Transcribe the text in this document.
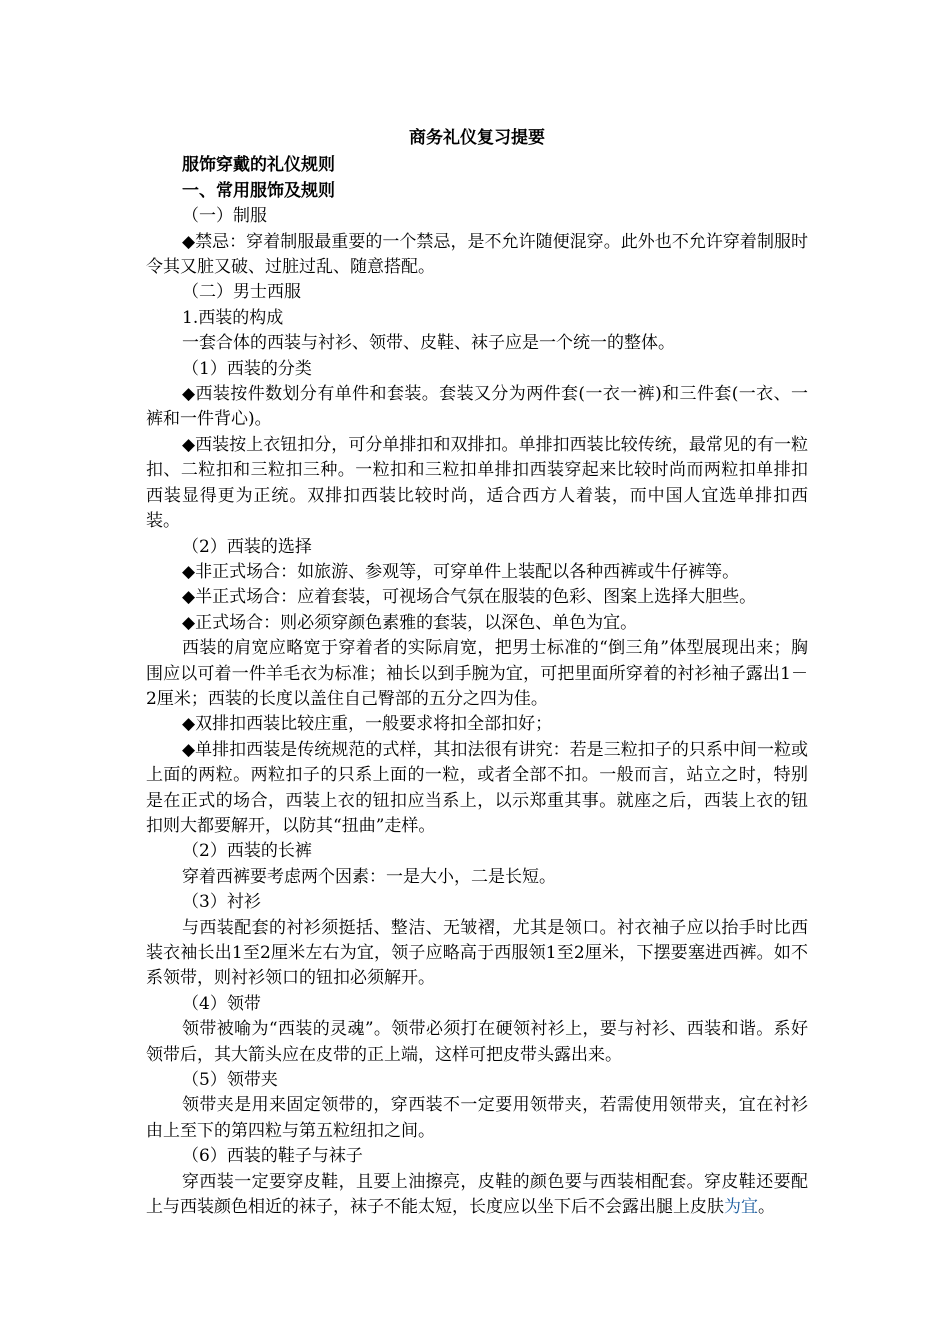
商务礼仪复习提要
服饰穿戴的礼仪规则
一、常用服饰及规则

（一）制服

◆禁忌：穿着制服最重要的一个禁忌，是不允许随便混穿。此外也不允许穿着制服时令其又脏又破、过脏过乱、随意搭配。

（二）男士西服

1.西装的构成

一套合体的西装与衬衫、领带、皮鞋、袜子应是一个统一的整体。

（1）西装的分类

◆西装按件数划分有单件和套装。套装又分为两件套(一衣一裤)和三件套(一衣、一裤和一件背心)。

◆西装按上衣钮扣分，可分单排扣和双排扣。单排扣西装比较传统，最常见的有一粒扣、二粒扣和三粒扣三种。一粒扣和三粒扣单排扣西装穿起来比较时尚而两粒扣单排扣西装显得更为正统。双排扣西装比较时尚，适合西方人着装，而中国人宜选单排扣西装。

（2）西装的选择

◆非正式场合：如旅游、参观等，可穿单件上装配以各种西裤或牛仔裤等。

◆半正式场合：应着套装，可视场合气氛在服装的色彩、图案上选择大胆些。

◆正式场合：则必须穿颜色素雅的套装，以深色、单色为宜。

西装的肩宽应略宽于穿着者的实际肩宽，把男士标准的“倒三角”体型展现出来；胸围应以可着一件羊毛衣为标准；袖长以到手腕为宜，可把里面所穿着的衬衫袖子露出1－2厘米；西装的长度以盖住自己臀部的五分之四为佳。

◆双排扣西装比较庄重，一般要求将扣全部扣好；

◆单排扣西装是传统规范的式样，其扣法很有讲究：若是三粒扣子的只系中间一粒或上面的两粒。两粒扣子的只系上面的一粒，或者全部不扣。一般而言，站立之时，特别是在正式的场合，西装上衣的钮扣应当系上，以示郑重其事。就座之后，西装上衣的钮扣则大都要解开，以防其“扭曲”走样。

（2）西装的长裤

穿着西裤要考虑两个因素：一是大小，二是长短。

（3）衬衫

与西装配套的衬衫须挺括、整洁、无皱褶，尤其是领口。衬衣袖子应以抬手时比西装衣袖长出1至2厘米左右为宜，领子应略高于西服领1至2厘米，下摆要塞进西裤。如不系领带，则衬衫领口的钮扣必须解开。

（4）领带

领带被喻为“西装的灵魂”。领带必须打在硬领衬衫上，要与衬衫、西装和谐。系好领带后，其大箭头应在皮带的正上端，这样可把皮带头露出来。

（5）领带夹

领带夹是用来固定领带的，穿西装不一定要用领带夹，若需使用领带夹，宜在衬衫由上至下的第四粒与第五粒纽扣之间。

（6）西装的鞋子与袜子

穿西装一定要穿皮鞋，且要上油擦亮，皮鞋的颜色要与西装相配套。穿皮鞋还要配上与西装颜色相近的袜子，袜子不能太短，长度应以坐下后不会露出腿上皮肤为宜。
